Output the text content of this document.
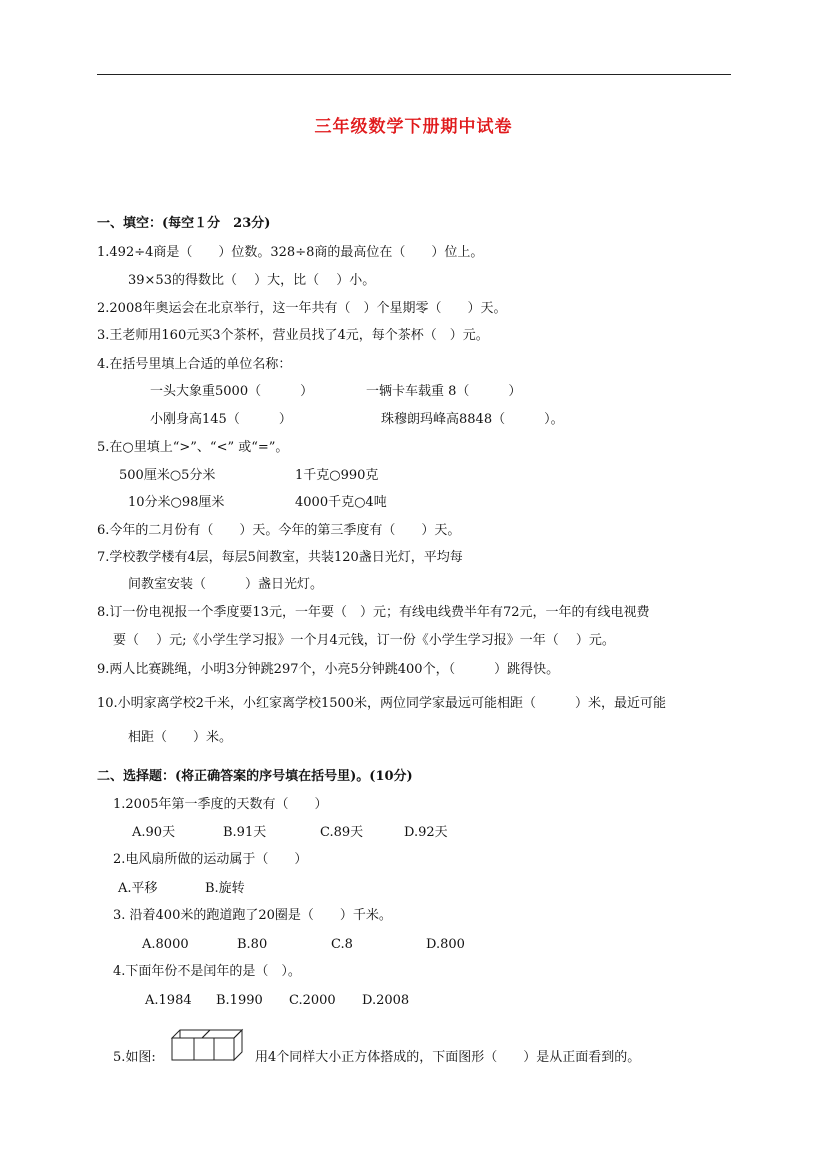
三年级数学下册期中试卷
一、填空：(每空１分　23分)
1.492÷4商是（　　）位数。328÷8商的最高位在（　　）位上。
39×53的得数比（　 ）大，比（　 ）小。
2.2008年奥运会在北京举行，这一年共有（　）个星期零（　　）天。
3.王老师用160元买3个茶杯，营业员找了4元，每个茶杯（　）元。
4.在括号里填上合适的单位名称：
一头大象重5000（　　　）	一辆卡车载重 8（　　　）
小刚身高145（　　　）	珠穆朗玛峰高8848（　　　）。
5.在○里填上“>”、“<” 或“=”。
500厘米○5分米	1千克○990克
10分米○98厘米	4000千克○4吨
6.今年的二月份有（　　）天。今年的第三季度有（　　）天。
7.学校教学楼有4层，每层5间教室，共装120盏日光灯，平均每
间教室安装（　　　）盏日光灯。
8.订一份电视报一个季度要13元，一年要（　）元；有线电线费半年有72元，一年的有线电视费
要（　 ）元;《小学生学习报》一个月4元钱，订一份《小学生学习报》一年（　 ）元。
9.两人比赛跳绳，小明3分钟跳297个，小亮5分钟跳400个，（　　　）跳得快。
10.小明家离学校2千米，小红家离学校1500米，两位同学家最远可能相距（　　　）米，最近可能
相距（　　）米。
二、选择题：(将正确答案的序号填在括号里)。(10分)
1.2005年第一季度的天数有（　　）
A.90天	B.91天	C.89天	D.92天
2.电风扇所做的运动属于（　　）
A.平移	B.旋转
3. 沿着400米的跑道跑了20圈是（　　）千米。
A.8000	B.80	C.8	D.800
4.下面年份不是闰年的是（　）。
A.1984 B.1990 C.2000 D.2008
5.如图:	用4个同样大小正方体搭成的，下面图形（　　）是从正面看到的。
